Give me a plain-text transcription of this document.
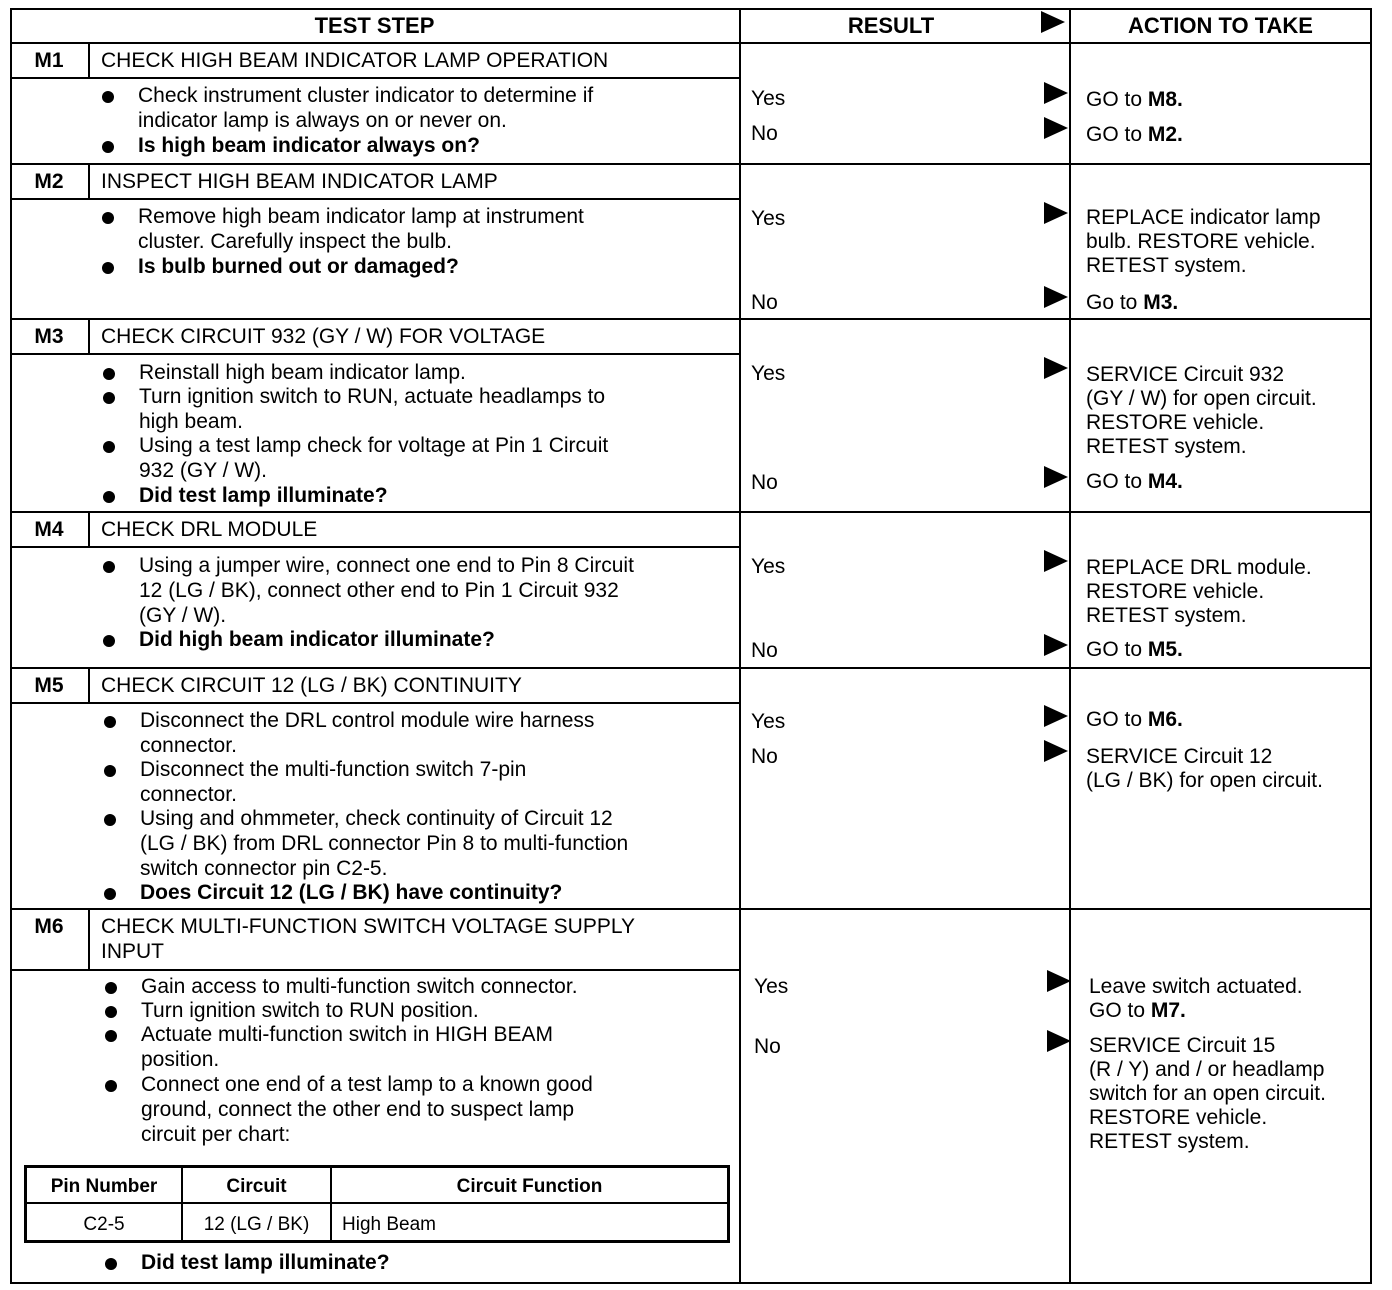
TEST STEP	RESULT	ACTION TO TAKE
M1	CHECK HIGH BEAM INDICATOR LAMP OPERATION
Check instrument cluster indicator to determine if
indicator lamp is always on or never on.
Is high beam indicator always on?
Yes	GO to M8.
No	GO to M2.
M2	INSPECT HIGH BEAM INDICATOR LAMP
Remove high beam indicator lamp at instrument
cluster. Carefully inspect the bulb.
Is bulb burned out or damaged?
Yes	REPLACE indicator lamp
bulb. RESTORE vehicle.
RETEST system.
No	Go to M3.
M3	CHECK CIRCUIT 932 (GY / W) FOR VOLTAGE
Reinstall high beam indicator lamp.
Turn ignition switch to RUN, actuate headlamps to
high beam.
Using a test lamp check for voltage at Pin 1 Circuit
932 (GY / W).
Did test lamp illuminate?
Yes	SERVICE Circuit 932
(GY / W) for open circuit.
RESTORE vehicle.
RETEST system.
No	GO to M4.
M4	CHECK DRL MODULE
Using a jumper wire, connect one end to Pin 8 Circuit
12 (LG / BK), connect other end to Pin 1 Circuit 932
(GY / W).
Did high beam indicator illuminate?
Yes	REPLACE DRL module.
RESTORE vehicle.
RETEST system.
No	GO to M5.
M5	CHECK CIRCUIT 12 (LG / BK) CONTINUITY
Disconnect the DRL control module wire harness
connector.
Disconnect the multi-function switch 7-pin
connector.
Using and ohmmeter, check continuity of Circuit 12
(LG / BK) from DRL connector Pin 8 to multi-function
switch connector pin C2-5.
Does Circuit 12 (LG / BK) have continuity?
Yes	GO to M6.
No	SERVICE Circuit 12
(LG / BK) for open circuit.
M6	CHECK MULTI-FUNCTION SWITCH VOLTAGE SUPPLY
INPUT
Gain access to multi-function switch connector.
Turn ignition switch to RUN position.
Actuate multi-function switch in HIGH BEAM
position.
Connect one end of a test lamp to a known good
ground, connect the other end to suspect lamp
circuit per chart:
Did test lamp illuminate?
Yes	Leave switch actuated.
GO to M7.
No	SERVICE Circuit 15
(R / Y) and / or headlamp
switch for an open circuit.
RESTORE vehicle.
RETEST system.
Pin Number	Circuit	Circuit Function
C2-5	12 (LG / BK)	High Beam
